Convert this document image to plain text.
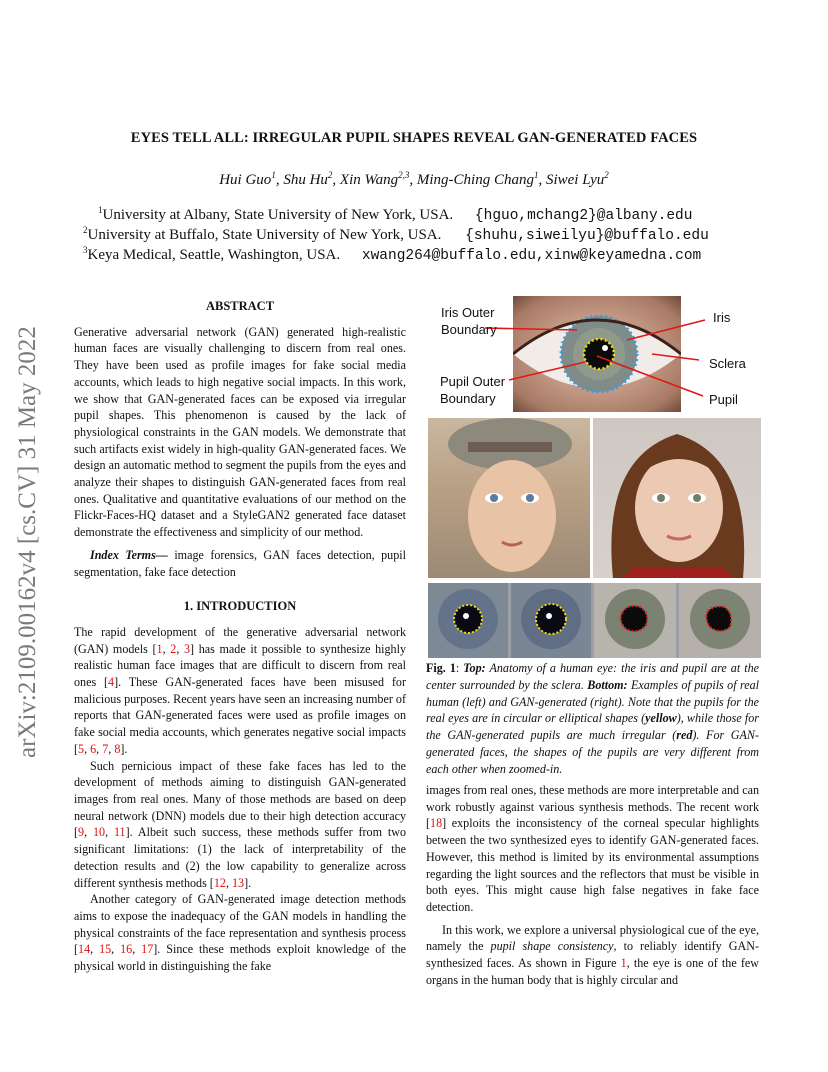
arXiv:2109.00162v4 [cs.CV] 31 May 2022
EYES TELL ALL: IRREGULAR PUPIL SHAPES REVEAL GAN-GENERATED FACES
Hui Guo$^1$, Shu Hu$^2$, Xin Wang$^{2,3}$, Ming-Ching Chang$^1$, Siwei Lyu$^2$
$^1$University at Albany, State University of New York, USA. {hguo,mchang2}@albany.edu
$^2$University at Buffalo, State University of New York, USA. {shuhu,siweilyu}@buffalo.edu
$^3$Keya Medical, Seattle, Washington, USA. xwang264@buffalo.edu,xinw@keyamedna.com
ABSTRACT

Generative adversarial network (GAN) generated high-realistic human faces are visually challenging to discern from real ones. They have been used as profile images for fake social media accounts, which leads to high negative social impacts. In this work, we show that GAN-generated faces can be exposed via irregular pupil shapes. This phenomenon is caused by the lack of physiological constraints in the GAN models. We demonstrate that such artifacts exist widely in high-quality GAN-generated faces. We design an automatic method to segment the pupils from the eyes and analyze their shapes to distinguish GAN-generated faces from real ones. Qualitative and quantitative evaluations of our method on the Flickr-Faces-HQ dataset and a StyleGAN2 generated face dataset demonstrate the effectiveness and simplicity of our method.

Index Terms— image forensics, GAN faces detection, pupil segmentation, fake face detection

1. INTRODUCTION

The rapid development of the generative adversarial network (GAN) models [1, 2, 3] has made it possible to synthesize highly realistic human face images that are difficult to discern from real ones [4]. These GAN-generated faces have been misused for malicious purposes. Recent years have seen an increasing number of reports that GAN-generated faces were used as profile images on fake social media accounts, which generates negative social impacts [5, 6, 7, 8].

Such pernicious impact of these fake faces has led to the development of methods aiming to distinguish GAN-generated images from real ones. Many of those methods are based on deep neural network (DNN) models due to their high detection accuracy [9, 10, 11]. Albeit such success, these methods suffer from two significant limitations: (1) the lack of interpretability of the detection results and (2) the low capability to generalize across different synthesis methods [12, 13].

Another category of GAN-generated image detection methods aims to expose the inadequacy of the GAN models in handling the physical constraints of the face representation and synthesis process [14, 15, 16, 17]. Since these methods exploit knowledge of the physical world in distinguishing the fake

Iris Outer
Boundary
Iris
Sclera
Pupil Outer
Boundary	Pupil
Fig. 1: Top: Anatomy of a human eye: the iris and pupil are at the center surrounded by the sclera. Bottom: Examples of pupils of real human (left) and GAN-generated (right). Note that the pupils for the real eyes are in circular or elliptical shapes (yellow), while those for the GAN-generated pupils are much irregular (red). For GAN-generated faces, the shapes of the pupils are very different from each other when zoomed-in.

images from real ones, these methods are more interpretable and can work robustly against various synthesis methods. The recent work [18] exploits the inconsistency of the corneal specular highlights between the two synthesized eyes to identify GAN-generated faces. However, this method is limited by its environmental assumptions regarding the light sources and the reflectors that must be visible in both eyes. This might cause high false negatives in fake face detection.

In this work, we explore a universal physiological cue of the eye, namely the pupil shape consistency, to reliably identify GAN-synthesized faces. As shown in Figure 1, the eye is one of the few organs in the human body that is highly circular and
